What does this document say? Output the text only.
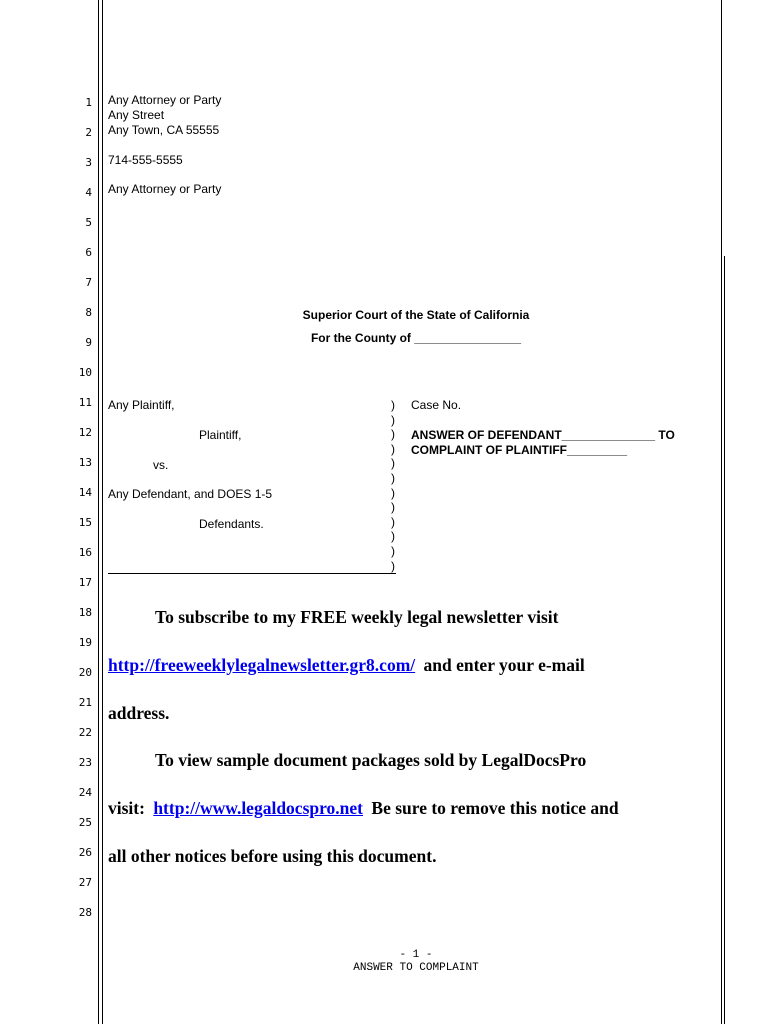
1
2
3
4
5
6
7
8
9
10
11
12
13
14
15
16
17
18
19
20
21
22
23
24
25
26
27
28
Any Attorney or Party
Any Street
Any Town, CA 55555
714-555-5555
Any Attorney or Party
Superior Court of the State of California
For the County of ________________
Any Plaintiff,
Plaintiff,
vs.
Any Defendant, and DOES 1-5
Defendants.
)
)
)
)
)
)
)
)
)
)
)
)
Case No.
ANSWER OF DEFENDANT______________ TO
COMPLAINT OF PLAINTIFF_________
To subscribe to my FREE weekly legal newsletter visit
http://freeweeklylegalnewsletter.gr8.com/ and enter your e-mail
address.
To view sample document packages sold by LegalDocsPro
visit: http://www.legaldocspro.net Be sure to remove this notice and
all other notices before using this document.
- 1 -
ANSWER TO COMPLAINT
